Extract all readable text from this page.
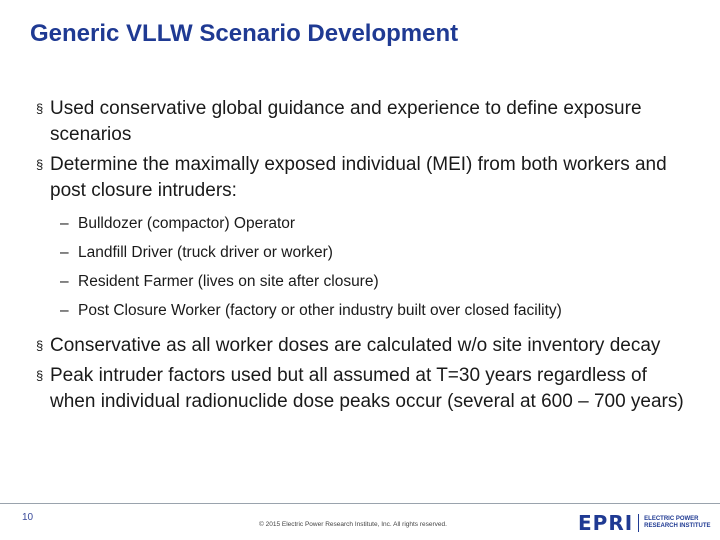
Generic VLLW Scenario Development
§ Used conservative global guidance and experience to define exposure scenarios
§ Determine the maximally exposed individual (MEI) from both workers and post closure intruders:
– Bulldozer (compactor) Operator
– Landfill Driver (truck driver or worker)
– Resident Farmer (lives on site after closure)
– Post Closure Worker (factory or other industry built over closed facility)
§ Conservative as all worker doses are calculated w/o site inventory decay
§ Peak intruder factors used but all assumed at T=30 years regardless of when individual radionuclide dose peaks occur (several at 600 – 700 years)
10
© 2015 Electric Power Research Institute, Inc. All rights reserved.	EPRI ELECTRIC POWER
RESEARCH INSTITUTE
